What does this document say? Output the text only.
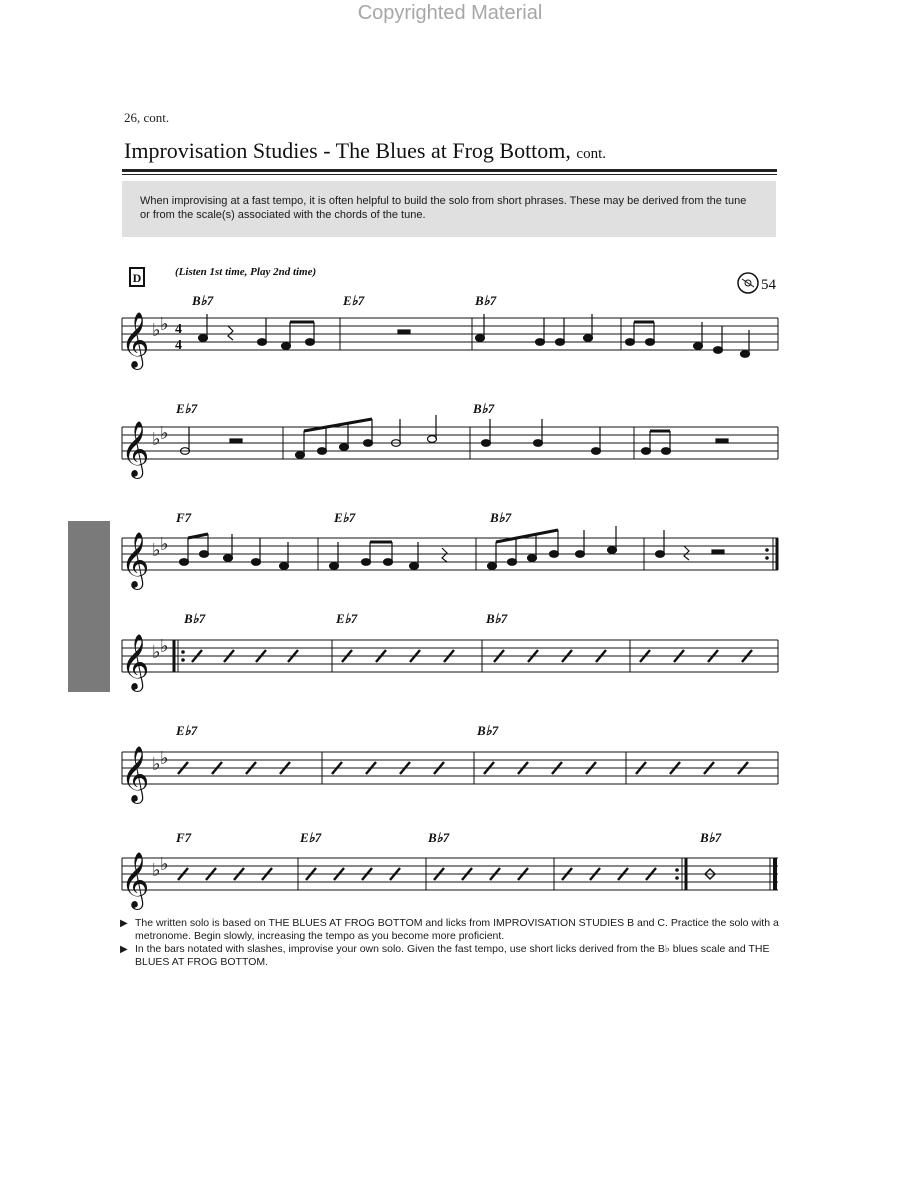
Copyrighted Material
26, cont.
Improvisation Studies - The Blues at Frog Bottom, cont.
When improvising at a fast tempo, it is often helpful to build the solo from short phrases. These may be derived from the tune or from the scale(s) associated with the chords of the tune.
D	(Listen 1st time, Play 2nd time)
54
𝄞 ♭ ♭ 4
4
B♭7	E♭7	B♭7
𝄞 ♭ ♭
E♭7	B♭7
𝄞 ♭ ♭
F7	E♭7	B♭7
𝄞 ♭ ♭
B♭7	E♭7	B♭7
𝄞 ♭ ♭
E♭7	B♭7
𝄞 ♭ ♭
F7	E♭7	B♭7	B♭7
▶ The written solo is based on THE BLUES AT FROG BOTTOM and licks from IMPROVISATION STUDIES B and C. Practice the solo with a metronome. Begin slowly, increasing the tempo as you become more proficient.
▶ In the bars notated with slashes, improvise your own solo. Given the fast tempo, use short licks derived from the B♭ blues scale and THE BLUES AT FROG BOTTOM.
